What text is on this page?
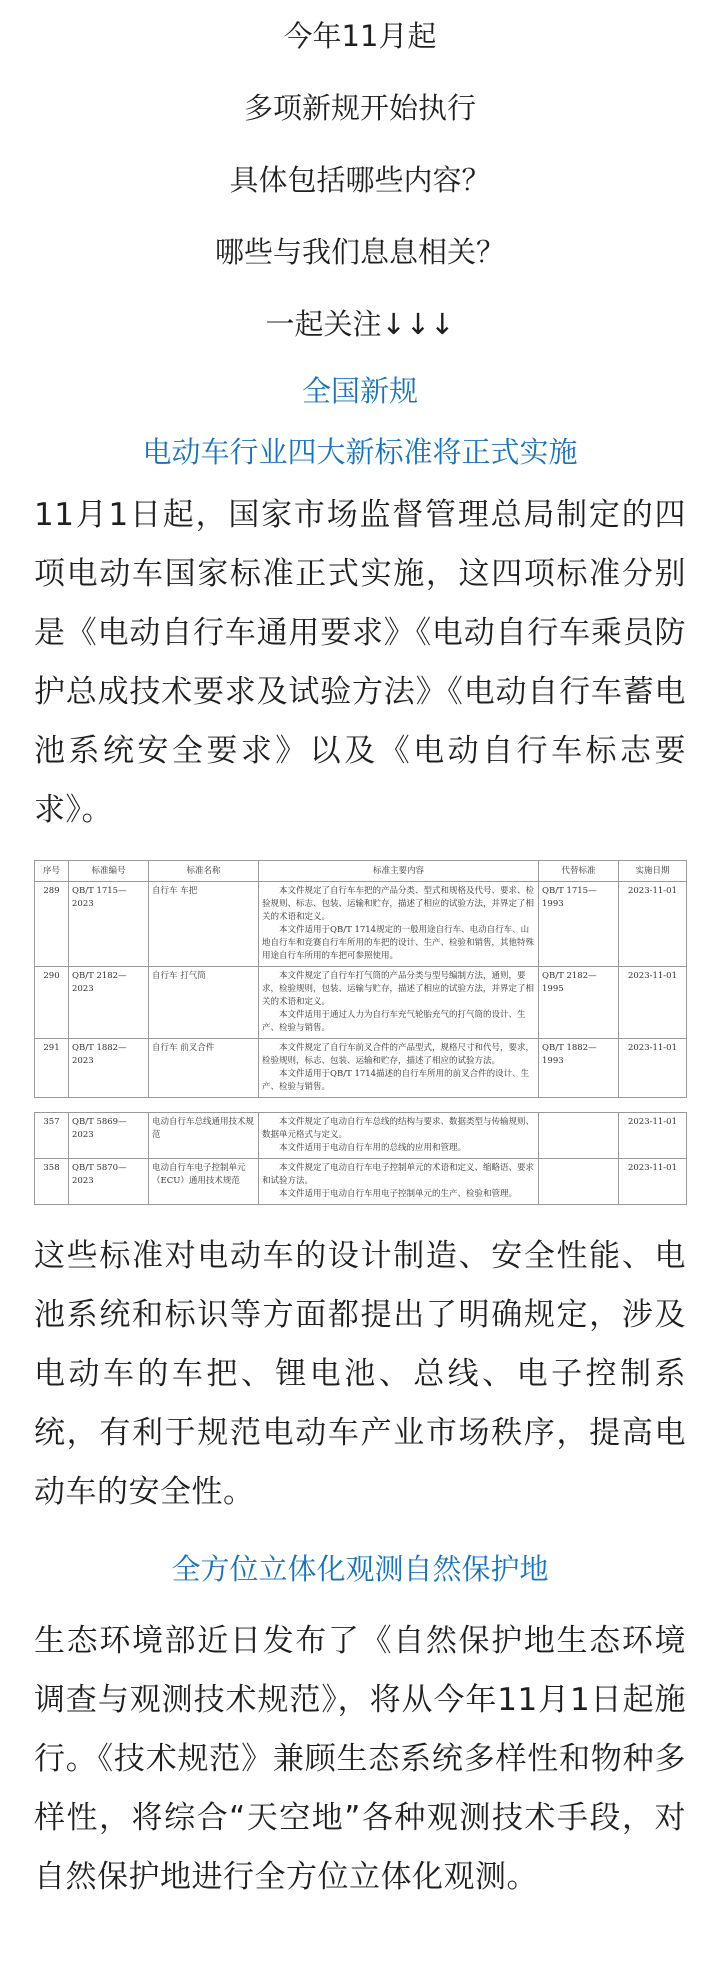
今年11月起
多项新规开始执行
具体包括哪些内容？
哪些与我们息息相关？
一起关注↓↓↓
全国新规
电动车行业四大新标准将正式实施
11月1日起，国家市场监督管理总局制定的四项电动车国家标准正式实施，这四项标准分别是《电动自行车通用要求》《电动自行车乘员防护总成技术要求及试验方法》《电动自行车蓄电池系统安全要求》以及《电动自行车标志要求》。
序号	标准编号	标准名称	标准主要内容	代替标准	实施日期
289	QB/T 1715—2023	自行车 车把	本文件规定了自行车车把的产品分类、型式和规格及代号、要求、检验规则、标志、包装、运输和贮存，描述了相应的试验方法，并界定了相关的术语和定义。

本文件适用于QB/T 1714规定的一般用途自行车、电动自行车、山地自行车和竞赛自行车所用的车把的设计、生产、检验和销售，其他特殊用途自行车所用的车把可参照使用。	QB/T 1715—1993	2023-11-01
290	QB/T 2182—2023	自行车 打气筒	本文件规定了自行车打气筒的产品分类与型号编制方法，通则，要求，检验规则，包装、运输与贮存，描述了相应的试验方法，并界定了相关的术语和定义。

本文件适用于通过人力为自行车充气轮胎充气的打气筒的设计、生产、检验与销售。	QB/T 2182—1995	2023-11-01
291	QB/T 1882—2023	自行车 前叉合件	本文件规定了自行车前叉合件的产品型式，规格尺寸和代号，要求，检验规则，标志、包装、运输和贮存，描述了相应的试验方法。

本文件适用于QB/T 1714描述的自行车所用的前叉合件的设计、生产、检验与销售。	QB/T 1882—1993	2023-11-01
357	QB/T 5869—2023	电动自行车总线通用技术规范	本文件规定了电动自行车总线的结构与要求、数据类型与传输规则、数据单元格式与定义。

本文件适用于电动自行车用的总线的应用和管理。		2023-11-01
358	QB/T 5870—2023	电动自行车电子控制单元（ECU）通用技术规范	本文件规定了电动自行车电子控制单元的术语和定义、缩略语、要求和试验方法。

本文件适用于电动自行车用电子控制单元的生产、检验和管理。		2023-11-01
这些标准对电动车的设计制造、安全性能、电池系统和标识等方面都提出了明确规定，涉及电动车的车把、锂电池、总线、电子控制系统，有利于规范电动车产业市场秩序，提高电动车的安全性。
全方位立体化观测自然保护地
生态环境部近日发布了《自然保护地生态环境调查与观测技术规范》，将从今年11月1日起施行。《技术规范》兼顾生态系统多样性和物种多样性，将综合“天空地”各种观测技术手段，对自然保护地进行全方位立体化观测。
